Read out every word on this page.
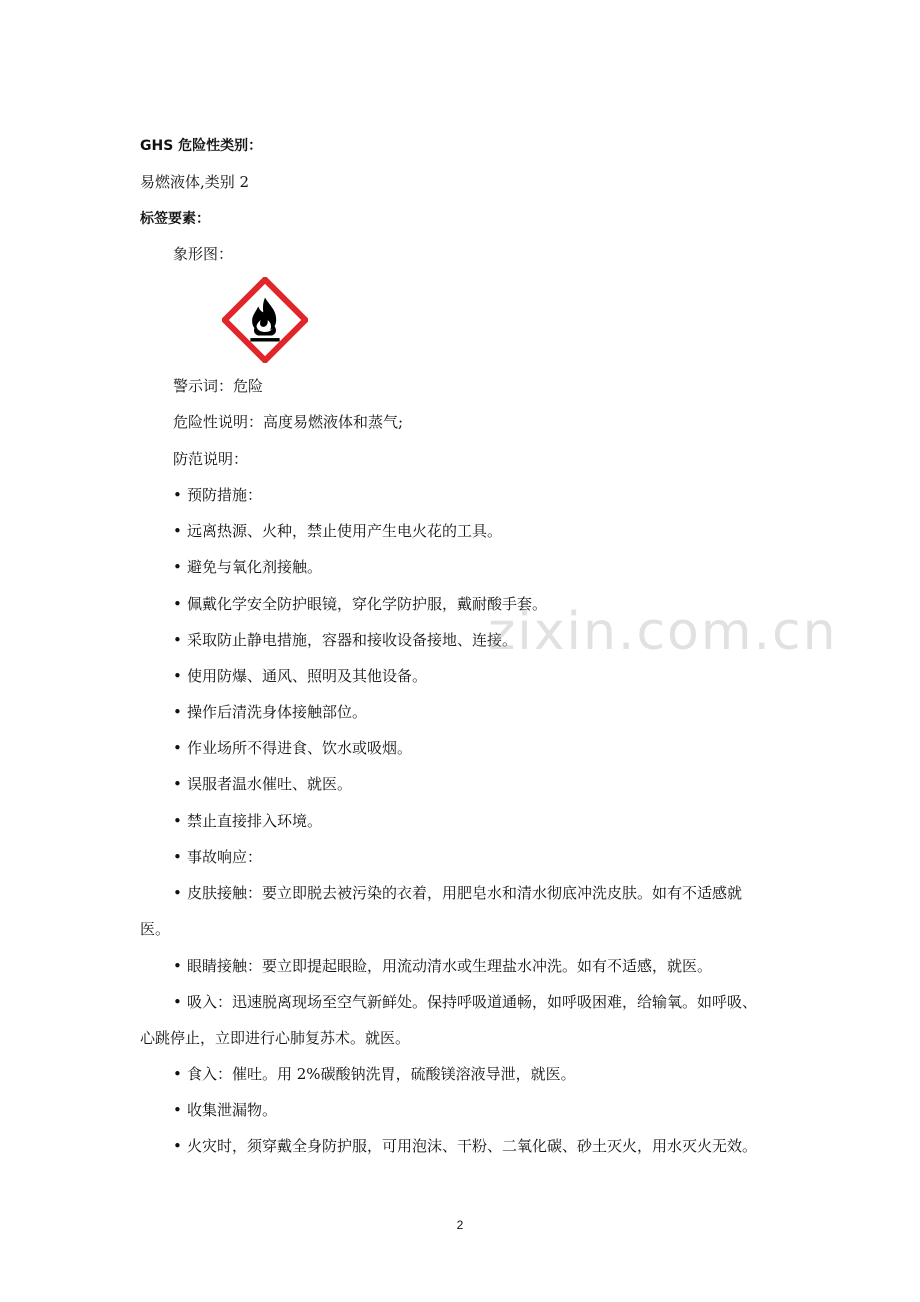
GHS 危险性类别：
易燃液体,类别 2
标签要素：
象形图：
警示词：危险
危险性说明：高度易燃液体和蒸气;
防范说明：
• 预防措施：
• 远离热源、火种，禁止使用产生电火花的工具。
• 避免与氧化剂接触。
• 佩戴化学安全防护眼镜，穿化学防护服，戴耐酸手套。
• 采取防止静电措施，容器和接收设备接地、连接。
• 使用防爆、通风、照明及其他设备。
• 操作后清洗身体接触部位。
• 作业场所不得进食、饮水或吸烟。
• 误服者温水催吐、就医。
• 禁止直接排入环境。
• 事故响应：
• 皮肤接触：要立即脱去被污染的衣着，用肥皂水和清水彻底冲洗皮肤。如有不适感就
医。
• 眼睛接触：要立即提起眼睑，用流动清水或生理盐水冲洗。如有不适感，就医。
• 吸入：迅速脱离现场至空气新鲜处。保持呼吸道通畅，如呼吸困难，给输氧。如呼吸、
心跳停止，立即进行心肺复苏术。就医。
• 食入：催吐。用 2%碳酸钠洗胃，硫酸镁溶液导泄，就医。
• 收集泄漏物。
• 火灾时，须穿戴全身防护服，可用泡沫、干粉、二氧化碳、砂土灭火，用水灭火无效。
zixin.com.cn
2
